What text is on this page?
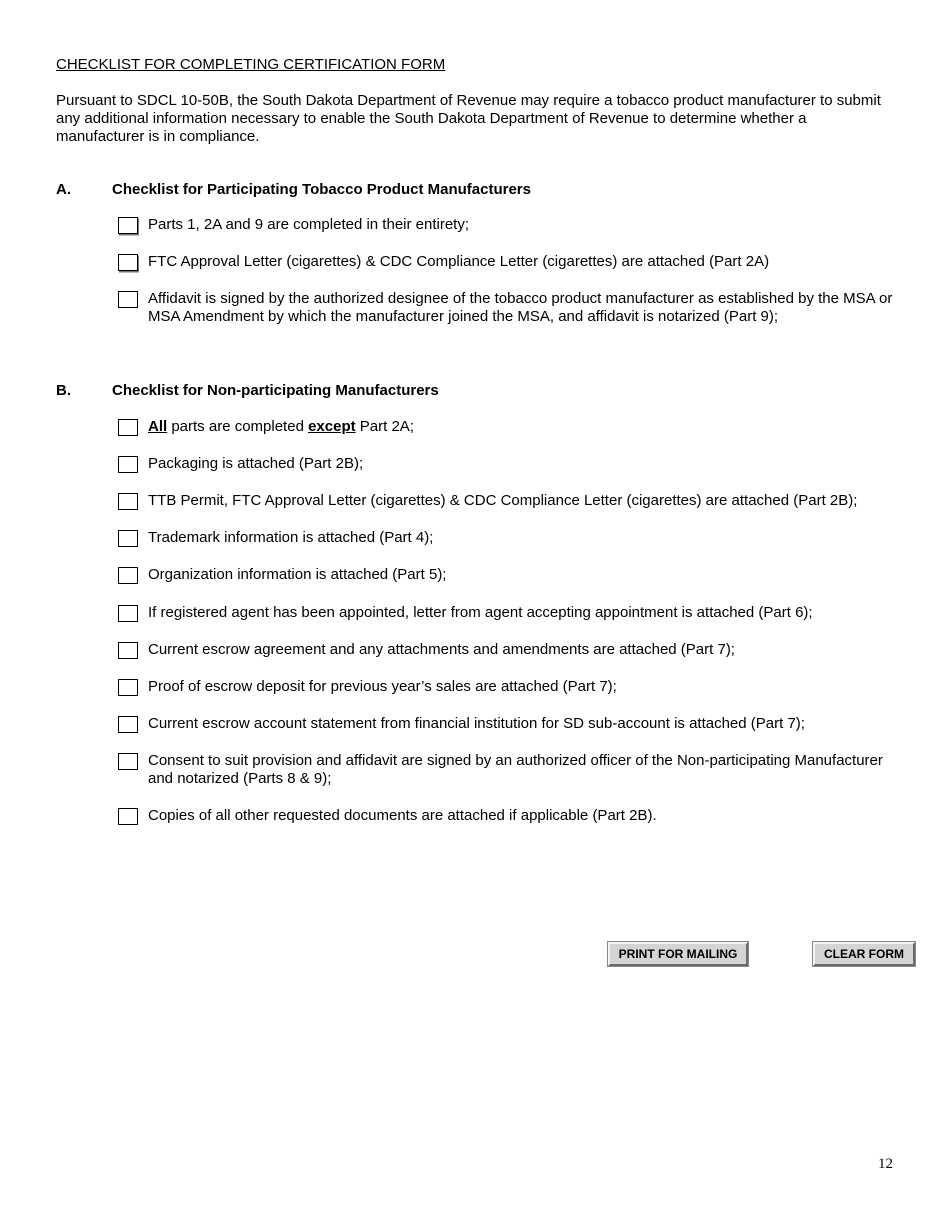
CHECKLIST FOR COMPLETING CERTIFICATION FORM
Pursuant to SDCL 10-50B, the South Dakota Department of Revenue may require a tobacco product manufacturer to submit any additional information necessary to enable the South Dakota Department of Revenue to determine whether a manufacturer is in compliance.
A.	Checklist for Participating Tobacco Product Manufacturers
Parts 1, 2A and 9 are completed in their entirety;
FTC Approval Letter (cigarettes) & CDC Compliance Letter (cigarettes) are attached (Part 2A)
Affidavit is signed by the authorized designee of the tobacco product manufacturer as established by the MSA or MSA Amendment by which the manufacturer joined the MSA, and affidavit is notarized (Part 9);
B.	Checklist for Non-participating Manufacturers
All parts are completed except Part 2A;
Packaging is attached (Part 2B);
TTB Permit, FTC Approval Letter (cigarettes) & CDC Compliance Letter (cigarettes) are attached (Part 2B);
Trademark information is attached (Part 4);
Organization information is attached (Part 5);
If registered agent has been appointed, letter from agent accepting appointment is attached (Part 6);
Current escrow agreement and any attachments and amendments are attached (Part 7);
Proof of escrow deposit for previous year’s sales are attached (Part 7);
Current escrow account statement from financial institution for SD sub-account is attached (Part 7);
Consent to suit provision and affidavit are signed by an authorized officer of the Non-participating Manufacturer and notarized (Parts 8 & 9);
Copies of all other requested documents are attached if applicable (Part 2B).
PRINT FOR MAILING	CLEAR FORM
12
